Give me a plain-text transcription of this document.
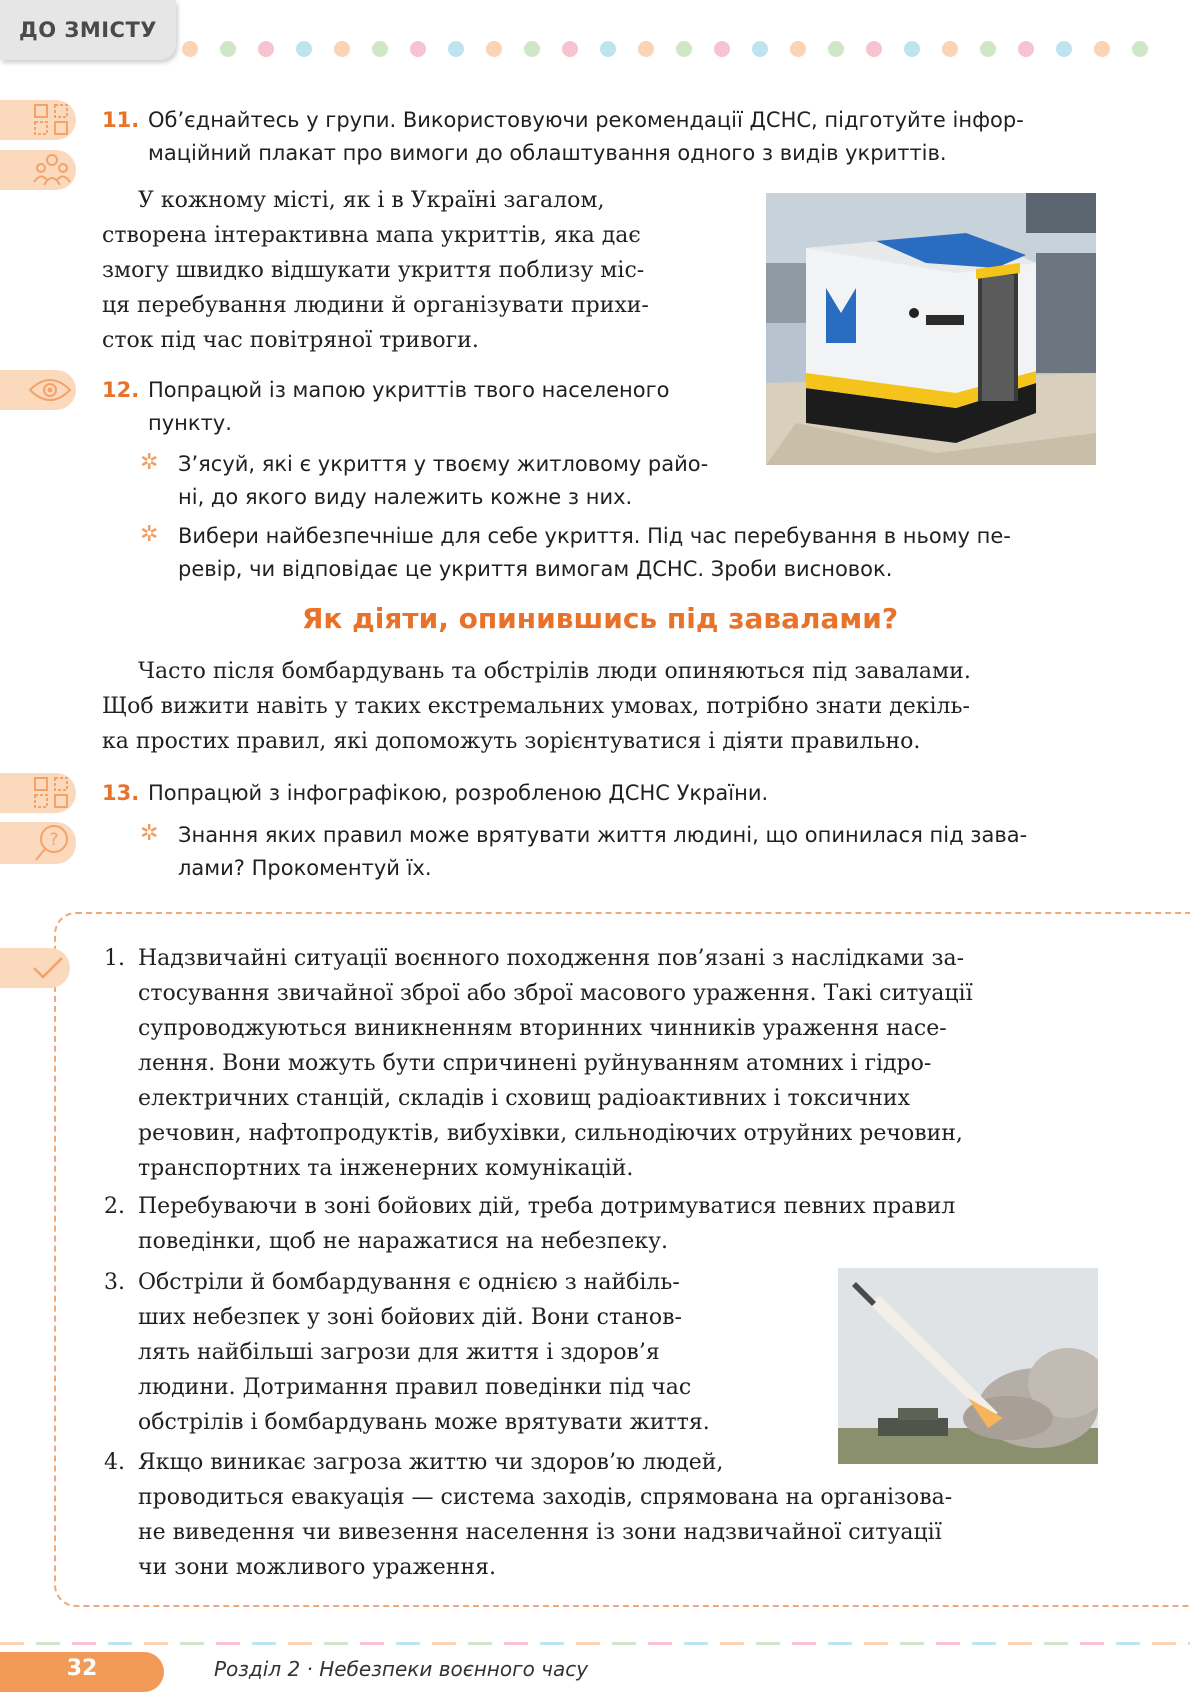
ДО ЗМІСТУ
11. Об’єднайтесь у групи. Використовуючи рекомендації ДСНС, підготуйте інфор-
маційний плакат про вимоги до облаштування одного з видів укриттів.
У кожному місті, як і в Україні загалом,
створена інтерактивна мапа укриттів, яка дає
змогу швидко відшукати укриття поблизу міс-
ця перебування людини й організувати прихи-
сток під час повітряної тривоги.
12. Попрацюй із мапою укриттів твого населеного
пункту.
✲ З’ясуй, які є укриття у твоєму житловому райо-
ні, до якого виду належить кожне з них.
✲ Вибери найбезпечніше для себе укриття. Під час перебування в ньому пе-
ревір, чи відповідає це укриття вимогам ДСНС. Зроби висновок.
Як діяти, опинившись під завалами?
Часто після бомбардувань та обстрілів люди опиняються під завалами.
Щоб вижити навіть у таких екстремальних умовах, потрібно знати декіль-
ка простих правил, які допоможуть зорієнтуватися і діяти правильно.
?
13. Попрацюй з інфографікою, розробленою ДСНС України.
✲ Знання яких правил може врятувати життя людині, що опинилася під зава-
лами? Прокоментуй їх.
1. Надзвичайні ситуації воєнного походження пов’язані з наслідками за-
стосування звичайної зброї або зброї масового ураження. Такі ситуації
супроводжуються виникненням вторинних чинників ураження насе-
лення. Вони можуть бути спричинені руйнуванням атомних і гідро-
електричних станцій, складів і сховищ радіоактивних і токсичних
речовин, нафтопродуктів, вибухівки, сильнодіючих отруйних речовин,
транспортних та інженерних комунікацій.
2. Перебуваючи в зоні бойових дій, треба дотримуватися певних правил
поведінки, щоб не наражатися на небезпеку.
3. Обстріли й бомбардування є однією з найбіль-
ших небезпек у зоні бойових дій. Вони станов-
лять найбільші загрози для життя і здоров’я
людини. Дотримання правил поведінки під час
обстрілів і бомбардувань може врятувати життя.
4. Якщо виникає загроза життю чи здоров’ю людей,
проводиться евакуація — система заходів, спрямована на організова-
не виведення чи вивезення населення із зони надзвичайної ситуації
чи зони можливого ураження.
32	Розділ 2 · Небезпеки воєнного часу
